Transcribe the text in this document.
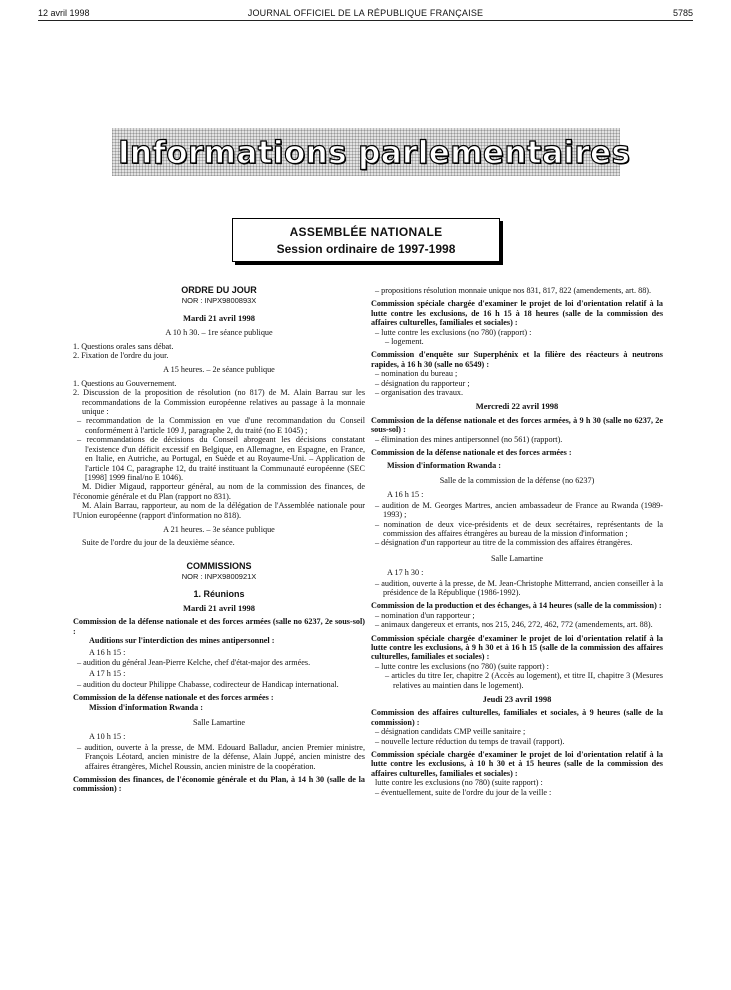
12 avril 1998	JOURNAL OFFICIEL DE LA RÉPUBLIQUE FRANÇAISE	5785
Informations parlementaires
ASSEMBLÉE NATIONALE
Session ordinaire de 1997-1998

ORDRE DU JOUR

NOR : INPX9800893X

Mardi 21 avril 1998

A 10 h 30. – 1re séance publique

1. Questions orales sans débat.

2. Fixation de l'ordre du jour.

A 15 heures. – 2e séance publique

1. Questions au Gouvernement.

2. Discussion de la proposition de résolution (no 817) de M. Alain Barrau sur les recommandations de la Commission européenne relatives au passage à la monnaie unique :

– recommandation de la Commission en vue d'une recommandation du Conseil conformément à l'article 109 J, paragraphe 2, du traité (no E 1045) ;

– recommandations de décisions du Conseil abrogeant les décisions constatant l'existence d'un déficit excessif en Belgique, en Allemagne, en Espagne, en France, en Italie, en Autriche, au Portugal, en Suède et au Royaume-Uni. – Application de l'article 104 C, paragraphe 12, du traité instituant la Communauté européenne (SEC [1998] 1999 final/no E 1046).

M. Didier Migaud, rapporteur général, au nom de la commission des finances, de l'économie générale et du Plan (rapport no 831).

M. Alain Barrau, rapporteur, au nom de la délégation de l'Assemblée nationale pour l'Union européenne (rapport d'information no 818).

A 21 heures. – 3e séance publique

Suite de l'ordre du jour de la deuxième séance.

COMMISSIONS

NOR : INPX9800921X

1. Réunions

Mardi 21 avril 1998

Commission de la défense nationale et des forces armées (salle no 6237, 2e sous-sol) :

Auditions sur l'interdiction des mines antipersonnel :

A 16 h 15 :

– audition du général Jean-Pierre Kelche, chef d'état-major des armées.

A 17 h 15 :

– audition du docteur Philippe Chabasse, codirecteur de Handicap international.

Commission de la défense nationale et des forces armées :

Mission d'information Rwanda :

Salle Lamartine

A 10 h 15 :

– audition, ouverte à la presse, de MM. Edouard Balladur, ancien Premier ministre, François Léotard, ancien ministre de la défense, Alain Juppé, ancien ministre des affaires étrangères, Michel Roussin, ancien ministre de la coopération.

Commission des finances, de l'économie générale et du Plan, à 14 h 30 (salle de la commission) :

– propositions résolution monnaie unique nos 831, 817, 822 (amendements, art. 88).

Commission spéciale chargée d'examiner le projet de loi d'orientation relatif à la lutte contre les exclusions, de 16 h 15 à 18 heures (salle de la commission des affaires culturelles, familiales et sociales) :

– lutte contre les exclusions (no 780) (rapport) :

– logement.

Commission d'enquête sur Superphénix et la filière des réacteurs à neutrons rapides, à 16 h 30 (salle no 6549) :

– nomination du bureau ;

– désignation du rapporteur ;

– organisation des travaux.

Mercredi 22 avril 1998

Commission de la défense nationale et des forces armées, à 9 h 30 (salle no 6237, 2e sous-sol) :

– élimination des mines antipersonnel (no 561) (rapport).

Commission de la défense nationale et des forces armées :

Mission d'information Rwanda :

Salle de la commission de la défense (no 6237)

A 16 h 15 :

– audition de M. Georges Martres, ancien ambassadeur de France au Rwanda (1989-1993) ;

– nomination de deux vice-présidents et de deux secrétaires, représentants de la commission des affaires étrangères au bureau de la mission d'information ;

– désignation d'un rapporteur au titre de la commission des affaires étrangères.

Salle Lamartine

A 17 h 30 :

– audition, ouverte à la presse, de M. Jean-Christophe Mitterrand, ancien conseiller à la présidence de la République (1986-1992).

Commission de la production et des échanges, à 14 heures (salle de la commission) :

– nomination d'un rapporteur ;

– animaux dangereux et errants, nos 215, 246, 272, 462, 772 (amendements, art. 88).

Commission spéciale chargée d'examiner le projet de loi d'orientation relatif à la lutte contre les exclusions, à 9 h 30 et à 16 h 15 (salle de la commission des affaires culturelles, familiales et sociales) :

– lutte contre les exclusions (no 780) (suite rapport) :

– articles du titre Ier, chapitre 2 (Accès au logement), et titre II, chapitre 3 (Mesures relatives au maintien dans le logement).

Jeudi 23 avril 1998

Commission des affaires culturelles, familiales et sociales, à 9 heures (salle de la commission) :

– désignation candidats CMP veille sanitaire ;

– nouvelle lecture réduction du temps de travail (rapport).

Commission spéciale chargée d'examiner le projet de loi d'orientation relatif à la lutte contre les exclusions, à 10 h 30 et à 15 heures (salle de la commission des affaires culturelles, familiales et sociales) :

lutte contre les exclusions (no 780) (suite rapport) :

– éventuellement, suite de l'ordre du jour de la veille :
